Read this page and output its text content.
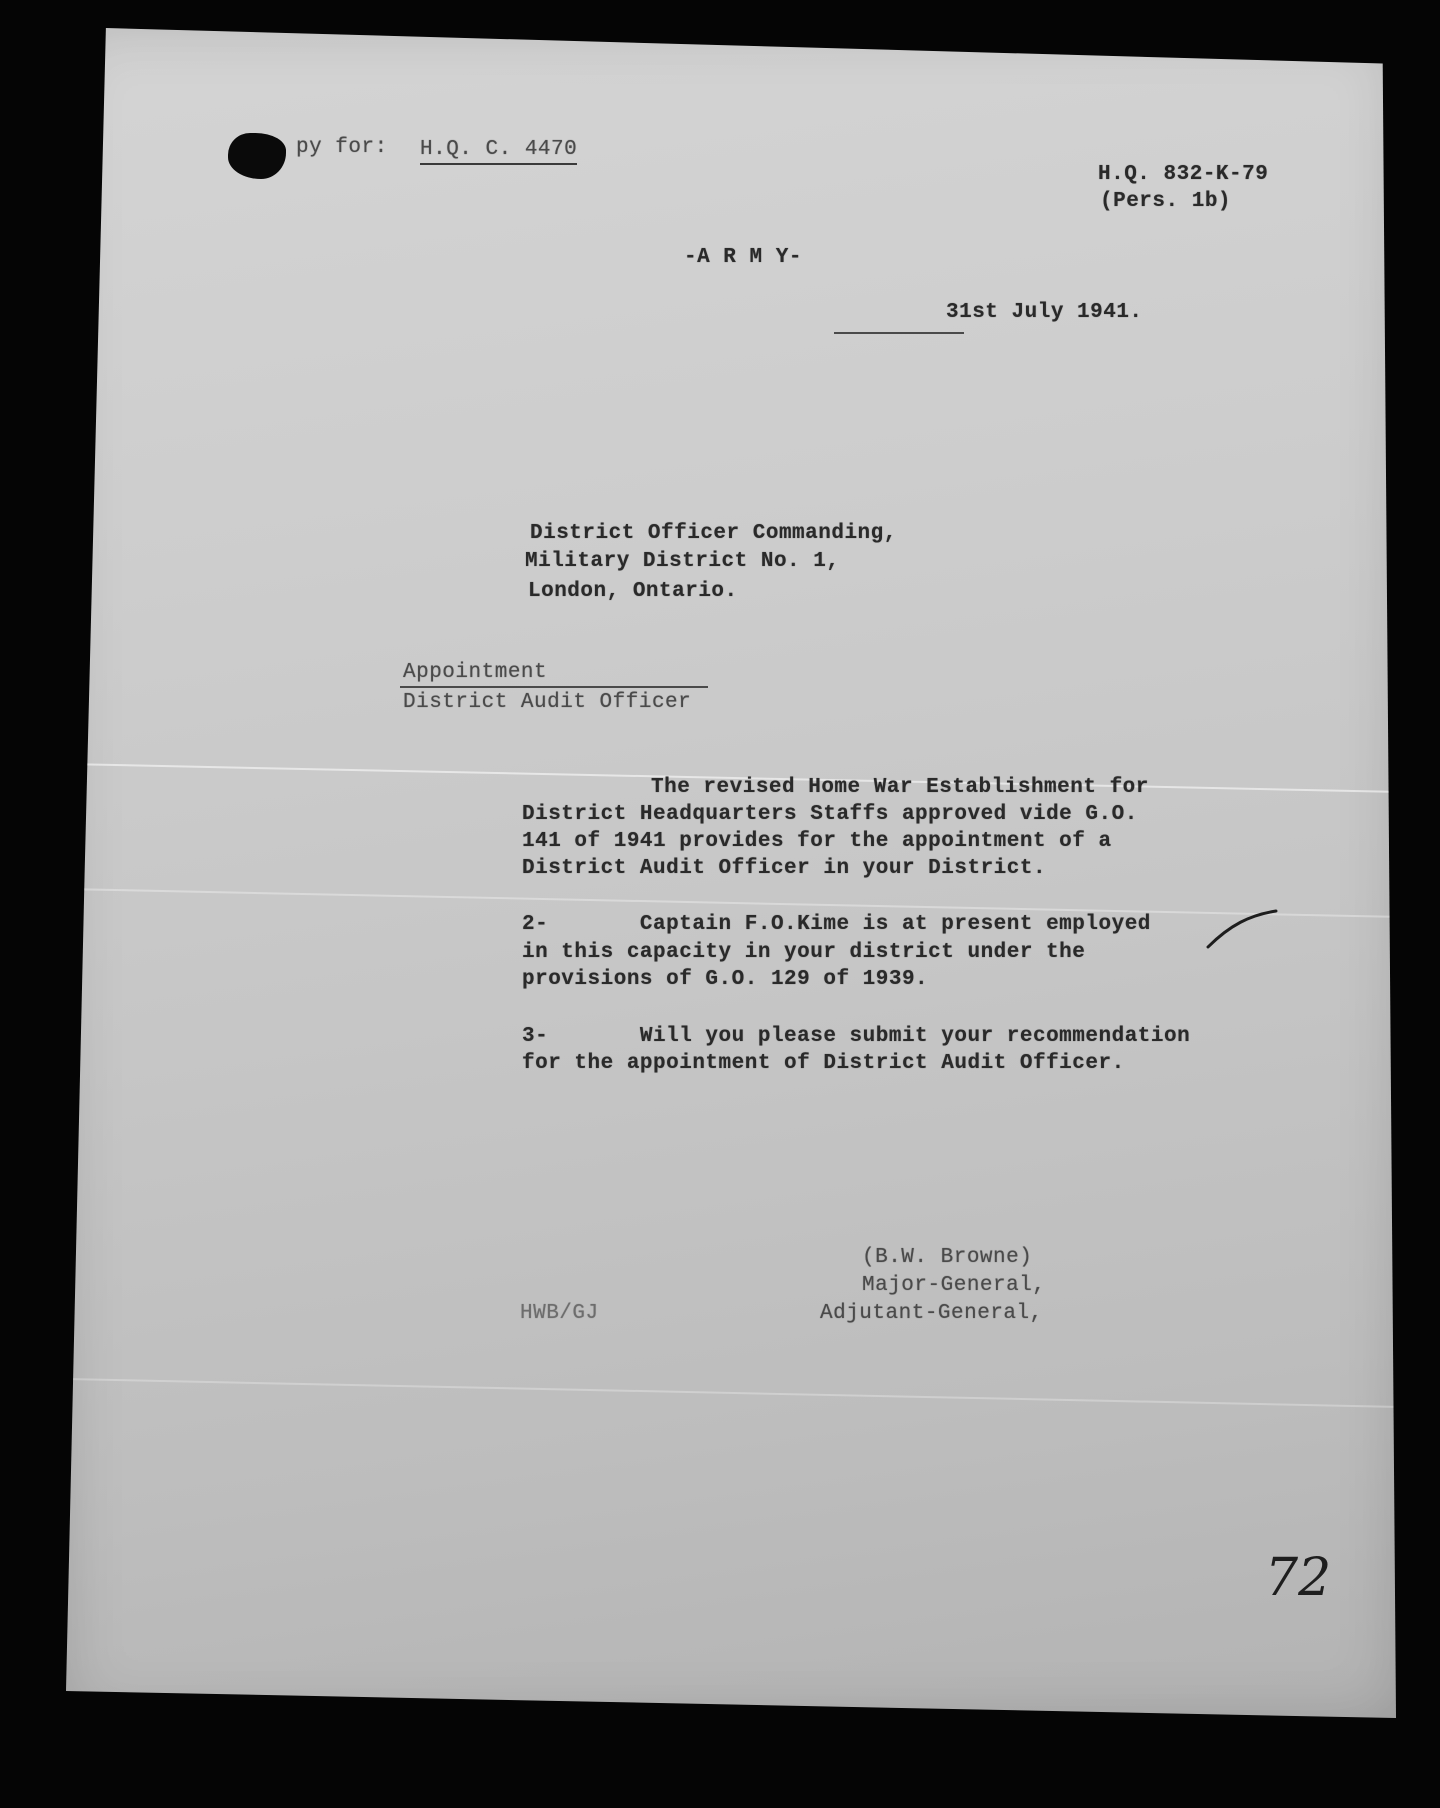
py for: H.Q. C. 4470
H.Q. 832-K-79
(Pers. 1b)
-A R M Y-
31st July 1941.
District Officer Commanding,
Military District No. 1,
London, Ontario.
Appointment
District Audit Officer
The revised Home War Establishment for
District Headquarters Staffs approved vide G.O.
141 of 1941 provides for the appointment of a
District Audit Officer in your District.
2-       Captain F.O.Kime is at present employed
in this capacity in your district under the
provisions of G.O. 129 of 1939.
3-       Will you please submit your recommendation
for the appointment of District Audit Officer.
(B.W. Browne)
Major-General,
Adjutant-General,
HWB/GJ
72
